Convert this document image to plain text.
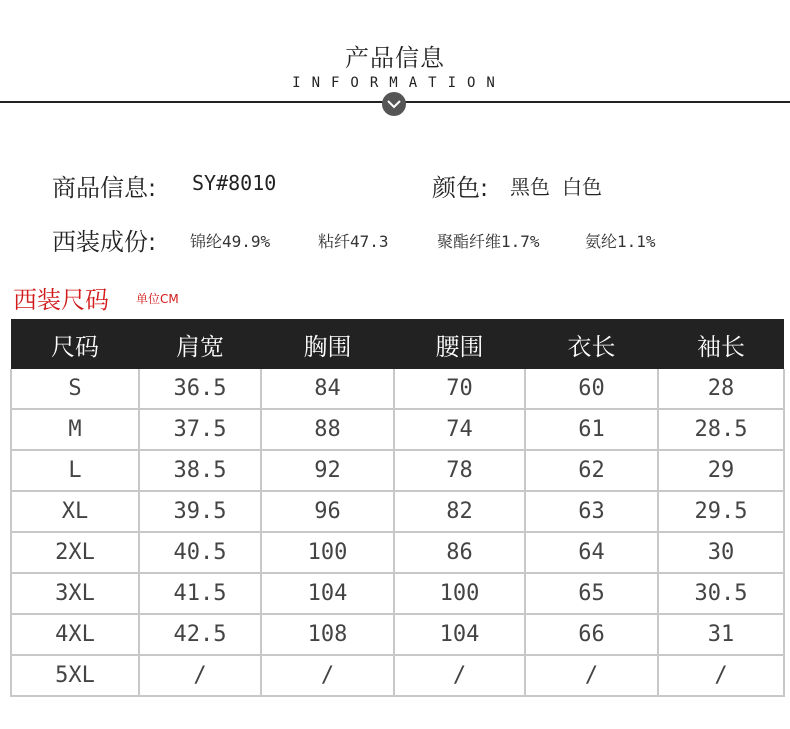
产品信息
INFORMATION
商品信息: SY#8010	颜色: 黑色 白色
西装成份: 锦纶49.9%	粘纤47.3	聚酯纤维1.7%	氨纶1.1%
西装尺码 单位CM
尺码	肩宽	胸围	腰围	衣长	袖长
S	36.5	84	70	60	28
M	37.5	88	74	61	28.5
L	38.5	92	78	62	29
XL	39.5	96	82	63	29.5
2XL	40.5	100	86	64	30
3XL	41.5	104	100	65	30.5
4XL	42.5	108	104	66	31
5XL	/	/	/	/	/
